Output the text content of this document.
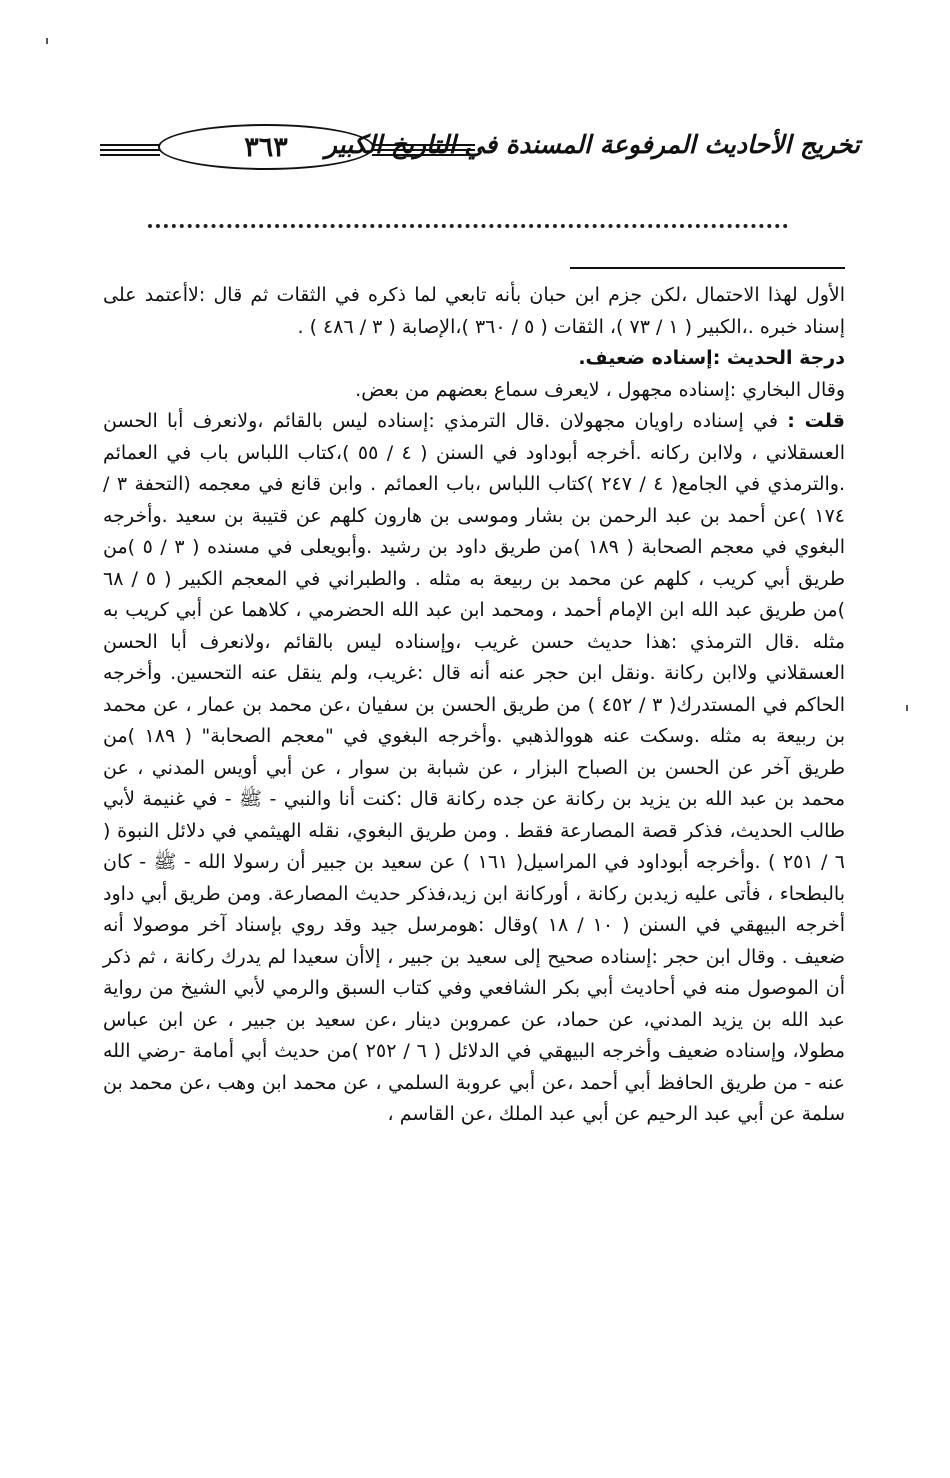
٣٦٣ تخريج الأحاديث المرفوعة المسندة في التاريخ الكبير

الأول لهذا الاحتمال ،لكن جزم ابن حبان بأنه تابعي لما ذكره في الثقات ثم قال :لاأعتمد على إسناد خبره .،الكبير ( ١ / ٧٣ )، الثقات ( ٥ / ٣٦٠ )،الإصابة ( ٣ / ٤٨٦ ) .

درجة الحديث :إسناده ضعيف.

وقال البخاري :إسناده مجهول ، لايعرف سماع بعضهم من بعض.

قلت : في إسناده راويان مجهولان .قال الترمذي :إسناده ليس بالقائم ،ولانعرف أبا الحسن العسقلاني ، ولاابن ركانه .أخرجه أبوداود في السنن ( ٤ / ٥٥ )،كتاب اللباس باب في العمائم .والترمذي في الجامع( ٤ / ٢٤٧ )كتاب اللباس ،باب العمائم . وابن قانع في معجمه (التحفة ٣ / ١٧٤ )عن أحمد بن عبد الرحمن بن بشار وموسى بن هارون كلهم عن قتيبة بن سعيد .وأخرجه البغوي في معجم الصحابة ( ١٨٩ )من طريق داود بن رشيد .وأبويعلى في مسنده ( ٣ / ٥ )من طريق أبي كريب ، كلهم عن محمد بن ربيعة به مثله . والطبراني في المعجم الكبير ( ٥ / ٦٨ )من طريق عبد الله ابن الإمام أحمد ، ومحمد ابن عبد الله الحضرمي ، كلاهما عن أبي كريب به مثله .قال الترمذي :هذا حديث حسن غريب ،وإسناده ليس بالقائم ،ولانعرف أبا الحسن العسقلاني ولاابن ركانة .ونقل ابن حجر عنه أنه قال :غريب، ولم ينقل عنه التحسين. وأخرجه الحاكم في المستدرك( ٣ / ٤٥٢ ) من طريق الحسن بن سفيان ،عن محمد بن عمار ، عن محمد بن ربيعة به مثله .وسكت عنه هووالذهبي .وأخرجه البغوي في "معجم الصحابة" ( ١٨٩ )من طريق آخر عن الحسن بن الصباح البزار ، عن شبابة بن سوار ، عن أبي أويس المدني ، عن محمد بن عبد الله بن يزيد بن ركانة عن جده ركانة قال :كنت أنا والنبي - ﷺ - في غنيمة لأبي طالب الحديث، فذكر قصة المصارعة فقط . ومن طريق البغوي، نقله الهيثمي في دلائل النبوة ( ٦ / ٢٥١ ) .وأخرجه أبوداود في المراسيل( ١٦١ ) عن سعيد بن جبير أن رسولا الله - ﷺ - كان بالبطحاء ، فأتى عليه زيدبن ركانة ، أوركانة ابن زيد،فذكر حديث المصارعة. ومن طريق أبي داود أخرجه البيهقي في السنن ( ١٠ / ١٨ )وقال :هومرسل جيد وقد روي بإسناد آخر موصولا أنه ضعيف . وقال ابن حجر :إسناده صحيح إلى سعيد بن جبير ، إلاأن سعيدا لم يدرك ركانة ، ثم ذكر أن الموصول منه في أحاديث أبي بكر الشافعي وفي كتاب السبق والرمي لأبي الشيخ من رواية عبد الله بن يزيد المدني، عن حماد، عن عمروبن دينار ،عن سعيد بن جبير ، عن ابن عباس مطولا، وإسناده ضعيف وأخرجه البيهقي في الدلائل ( ٦ / ٢٥٢ )من حديث أبي أمامة -رضي الله عنه - من طريق الحافظ أبي أحمد ،عن أبي عروبة السلمي ، عن محمد ابن وهب ،عن محمد بن سلمة عن أبي عبد الرحيم عن أبي عبد الملك ،عن القاسم ،
